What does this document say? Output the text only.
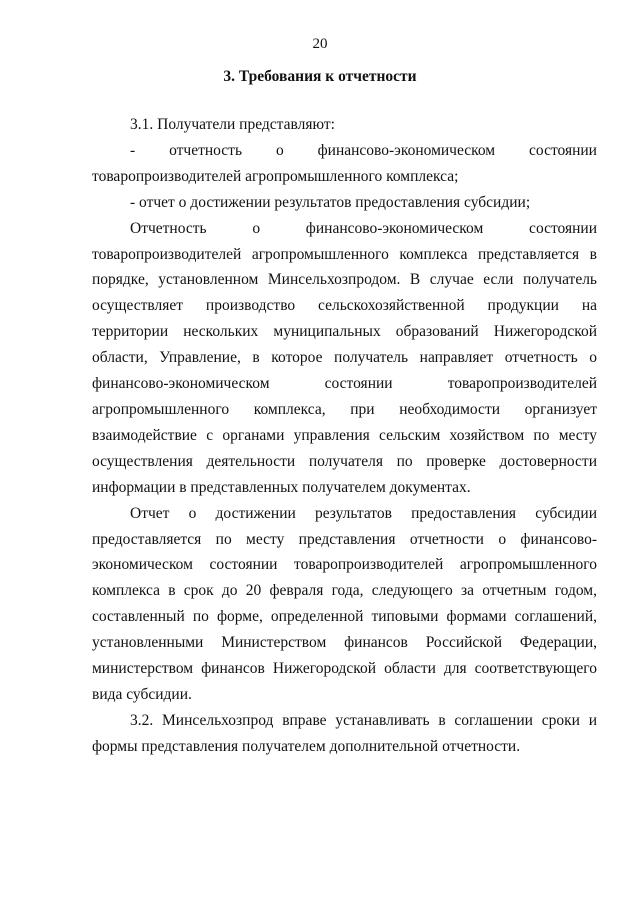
20
3. Требования к отчетности

3.1. Получатели представляют:

- отчетность о финансово-экономическом состоянии

товаропроизводителей агропромышленного комплекса;

- отчет о достижении результатов предоставления субсидии;

Отчетность о финансово-экономическом состоянии товаропроизводителей агропромышленного комплекса представляется в порядке, установленном Минсельхозпродом. В случае если получатель осуществляет производство сельскохозяйственной продукции на территории нескольких муниципальных образований Нижегородской области, Управление, в которое получатель направляет отчетность о финансово-экономическом состоянии товаропроизводителей агропромышленного комплекса, при необходимости организует взаимодействие с органами управления сельским хозяйством по месту осуществления деятельности получателя по проверке достоверности информации в представленных получателем документах.

Отчет о достижении результатов предоставления субсидии предоставляется по месту представления отчетности о финансово-экономическом состоянии товаропроизводителей агропромышленного комплекса в срок до 20 февраля года, следующего за отчетным годом, составленный по форме, определенной типовыми формами соглашений, установленными Министерством финансов Российской Федерации, министерством финансов Нижегородской области для соответствующего вида субсидии.

3.2. Минсельхозпрод вправе устанавливать в соглашении сроки и формы представления получателем дополнительной отчетности.
